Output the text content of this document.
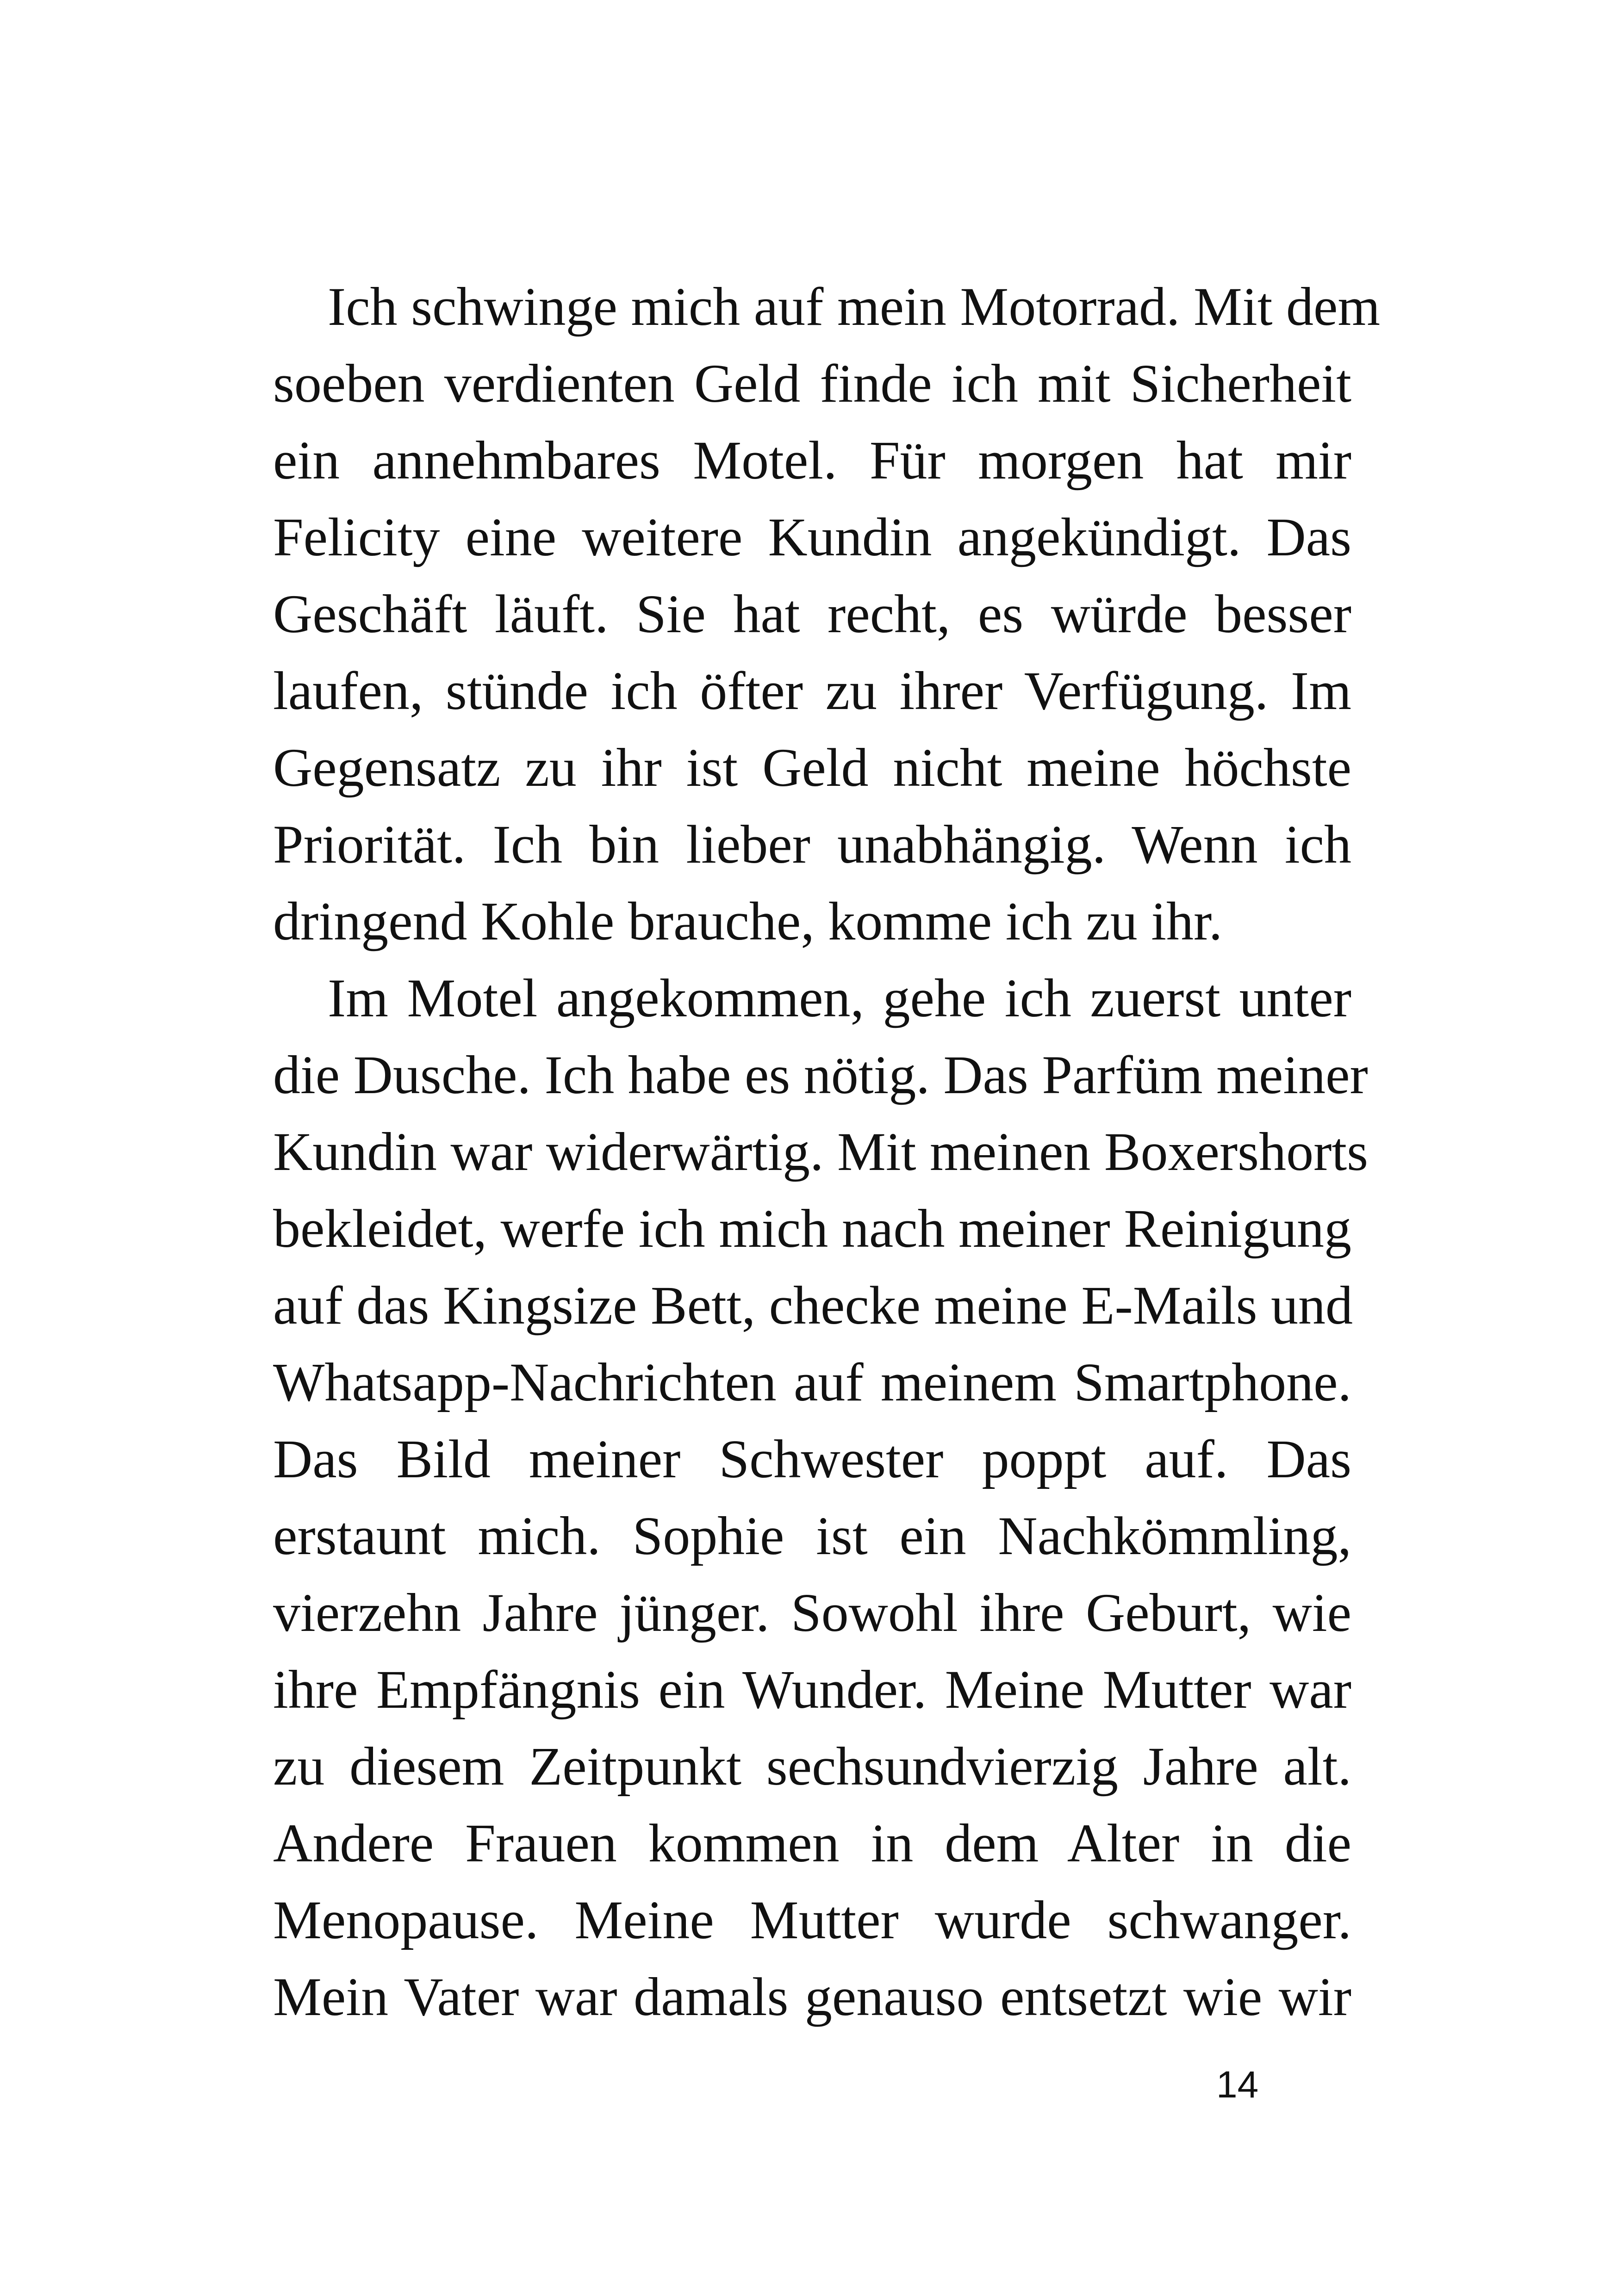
Ich schwinge mich auf mein Motorrad. Mit dem
soeben verdienten Geld finde ich mit Sicherheit
ein annehmbares Motel. Für morgen hat mir
Felicity eine weitere Kundin angekündigt. Das
Geschäft läuft. Sie hat recht, es würde besser
laufen, stünde ich öfter zu ihrer Verfügung. Im
Gegensatz zu ihr ist Geld nicht meine höchste
Priorität. Ich bin lieber unabhängig. Wenn ich
dringend Kohle brauche, komme ich zu ihr.

Im Motel angekommen, gehe ich zuerst unter
die Dusche. Ich habe es nötig. Das Parfüm meiner
Kundin war widerwärtig. Mit meinen Boxershorts
bekleidet, werfe ich mich nach meiner Reinigung
auf das Kingsize Bett, checke meine E-Mails und
Whatsapp-Nachrichten auf meinem Smartphone.
Das Bild meiner Schwester poppt auf. Das
erstaunt mich. Sophie ist ein Nachkömmling,
vierzehn Jahre jünger. Sowohl ihre Geburt, wie
ihre Empfängnis ein Wunder. Meine Mutter war
zu diesem Zeitpunkt sechsundvierzig Jahre alt.
Andere Frauen kommen in dem Alter in die
Menopause. Meine Mutter wurde schwanger.
Mein Vater war damals genauso entsetzt wie wir

14
